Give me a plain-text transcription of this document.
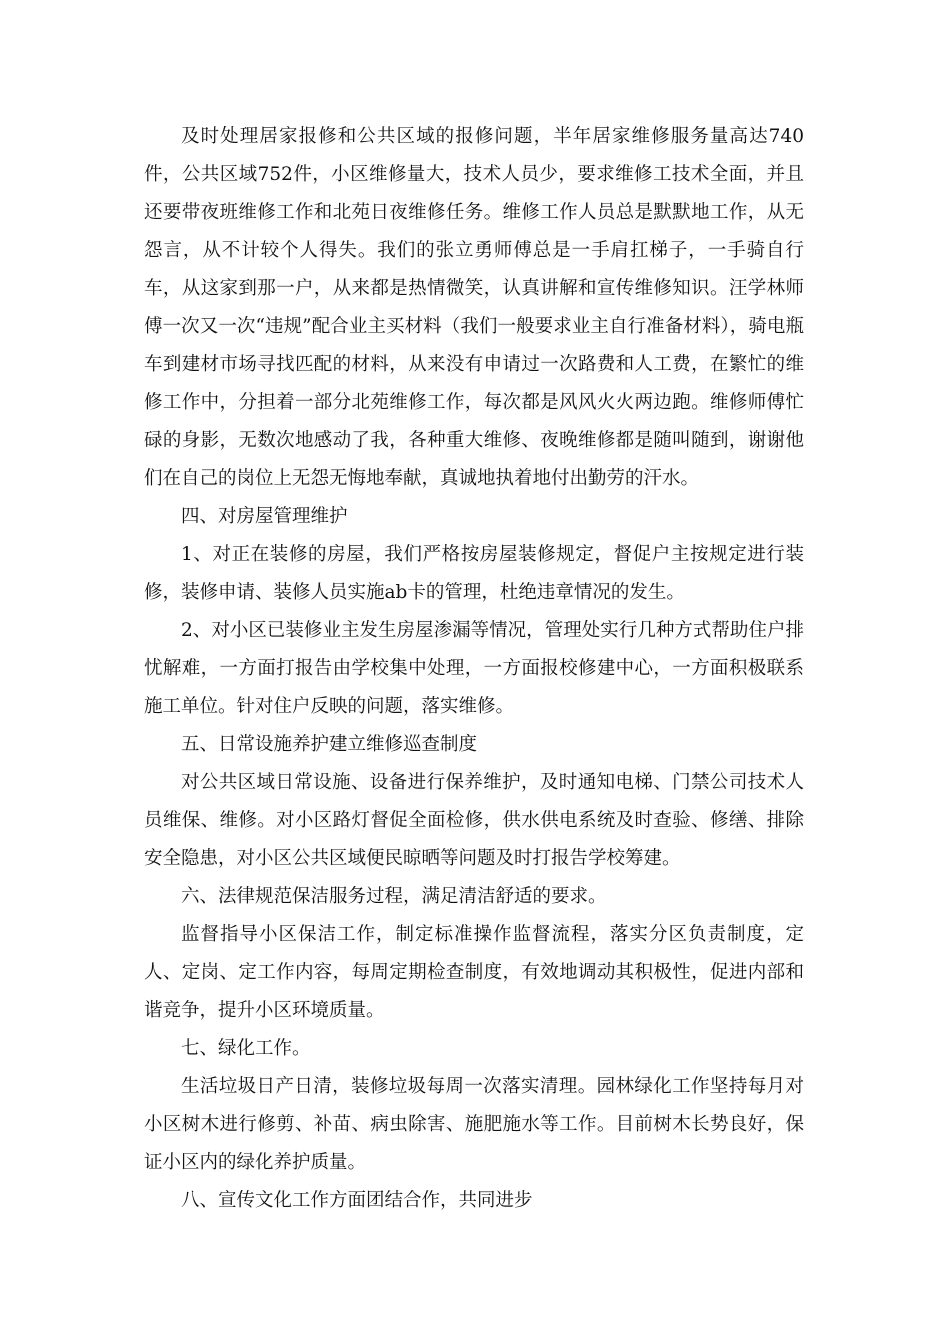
及时处理居家报修和公共区域的报修问题，半年居家维修服务量高达740件，公共区域752件，小区维修量大，技术人员少，要求维修工技术全面，并且还要带夜班维修工作和北苑日夜维修任务。维修工作人员总是默默地工作，从无怨言，从不计较个人得失。我们的张立勇师傅总是一手肩扛梯子，一手骑自行车，从这家到那一户，从来都是热情微笑，认真讲解和宣传维修知识。汪学林师傅一次又一次“违规”配合业主买材料（我们一般要求业主自行准备材料），骑电瓶车到建材市场寻找匹配的材料，从来没有申请过一次路费和人工费，在繁忙的维修工作中，分担着一部分北苑维修工作，每次都是风风火火两边跑。维修师傅忙碌的身影，无数次地感动了我，各种重大维修、夜晚维修都是随叫随到，谢谢他们在自己的岗位上无怨无悔地奉献，真诚地执着地付出勤劳的汗水。

四、对房屋管理维护

1、对正在装修的房屋，我们严格按房屋装修规定，督促户主按规定进行装修，装修申请、装修人员实施ab卡的管理，杜绝违章情况的发生。

2、对小区已装修业主发生房屋渗漏等情况，管理处实行几种方式帮助住户排忧解难，一方面打报告由学校集中处理，一方面报校修建中心，一方面积极联系施工单位。针对住户反映的问题，落实维修。

五、日常设施养护建立维修巡查制度

对公共区域日常设施、设备进行保养维护，及时通知电梯、门禁公司技术人员维保、维修。对小区路灯督促全面检修，供水供电系统及时查验、修缮、排除安全隐患，对小区公共区域便民晾晒等问题及时打报告学校筹建。

六、法律规范保洁服务过程，满足清洁舒适的要求。

监督指导小区保洁工作，制定标准操作监督流程，落实分区负责制度，定人、定岗、定工作内容，每周定期检查制度，有效地调动其积极性，促进内部和谐竞争，提升小区环境质量。

七、绿化工作。

生活垃圾日产日清，装修垃圾每周一次落实清理。园林绿化工作坚持每月对小区树木进行修剪、补苗、病虫除害、施肥施水等工作。目前树木长势良好，保证小区内的绿化养护质量。

八、宣传文化工作方面团结合作，共同进步
